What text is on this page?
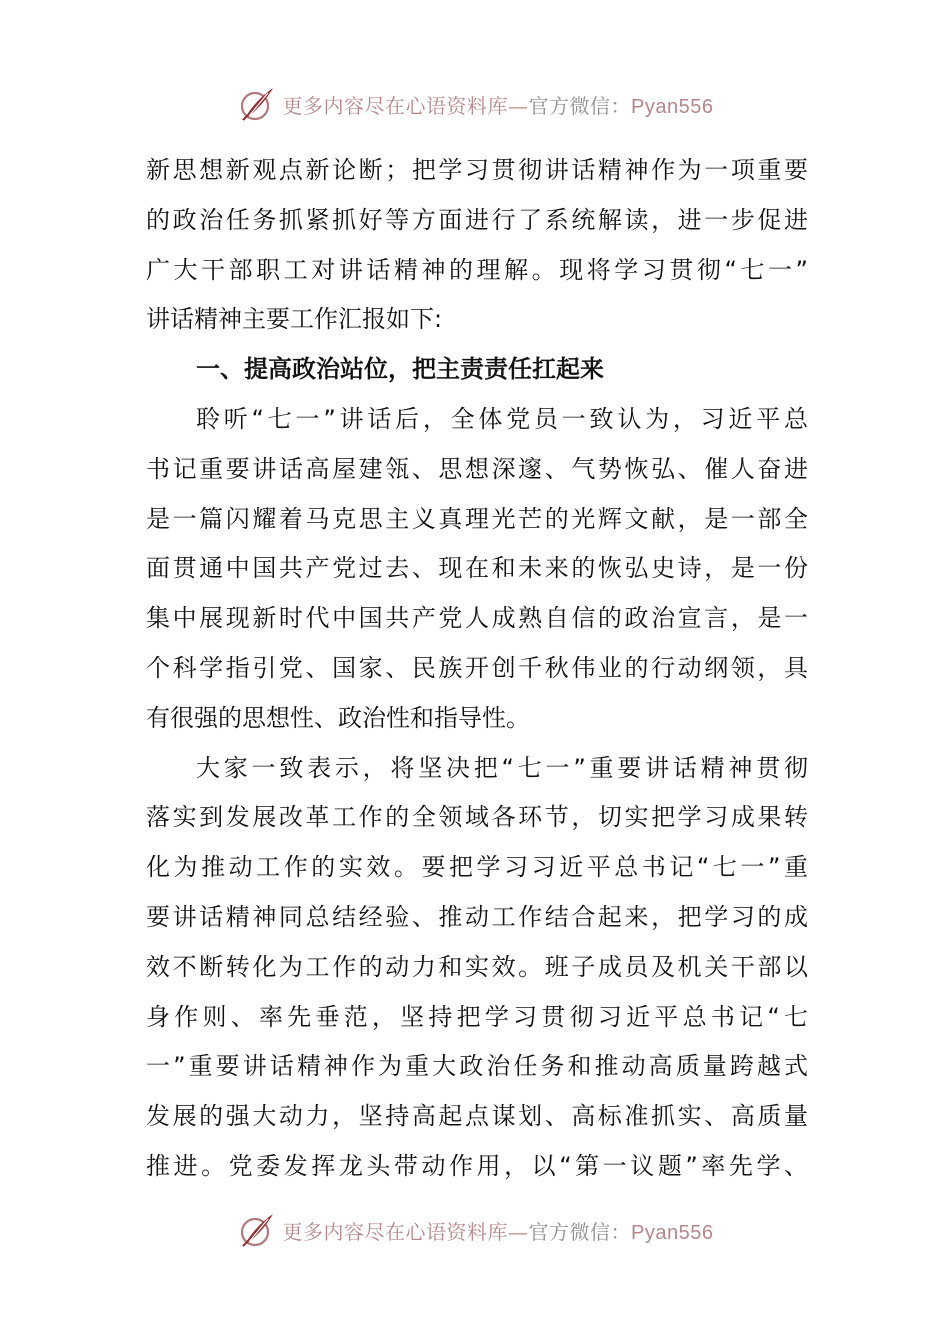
更多内容尽在心语资料库—官方微信：Pyan556

新思想新观点新论断；把学习贯彻讲话精神作为一项重要
的政治任务抓紧抓好等方面进行了系统解读，进一步促进
广大干部职工对讲话精神的理解。现将学习贯彻“七一”
讲话精神主要工作汇报如下:

一、提高政治站位，把主责责任扛起来

聆听“七一”讲话后，全体党员一致认为，习近平总
书记重要讲话高屋建瓴、思想深邃、气势恢弘、催人奋进
是一篇闪耀着马克思主义真理光芒的光辉文献，是一部全
面贯通中国共产党过去、现在和未来的恢弘史诗，是一份
集中展现新时代中国共产党人成熟自信的政治宣言，是一
个科学指引党、国家、民族开创千秋伟业的行动纲领，具
有很强的思想性、政治性和指导性。

大家一致表示，将坚决把“七一”重要讲话精神贯彻
落实到发展改革工作的全领域各环节，切实把学习成果转
化为推动工作的实效。要把学习习近平总书记“七一”重
要讲话精神同总结经验、推动工作结合起来，把学习的成
效不断转化为工作的动力和实效。班子成员及机关干部以
身作则、率先垂范，坚持把学习贯彻习近平总书记“七
一”重要讲话精神作为重大政治任务和推动高质量跨越式
发展的强大动力，坚持高起点谋划、高标准抓实、高质量
推进。党委发挥龙头带动作用，以“第一议题”率先学、

更多内容尽在心语资料库—官方微信：Pyan556
